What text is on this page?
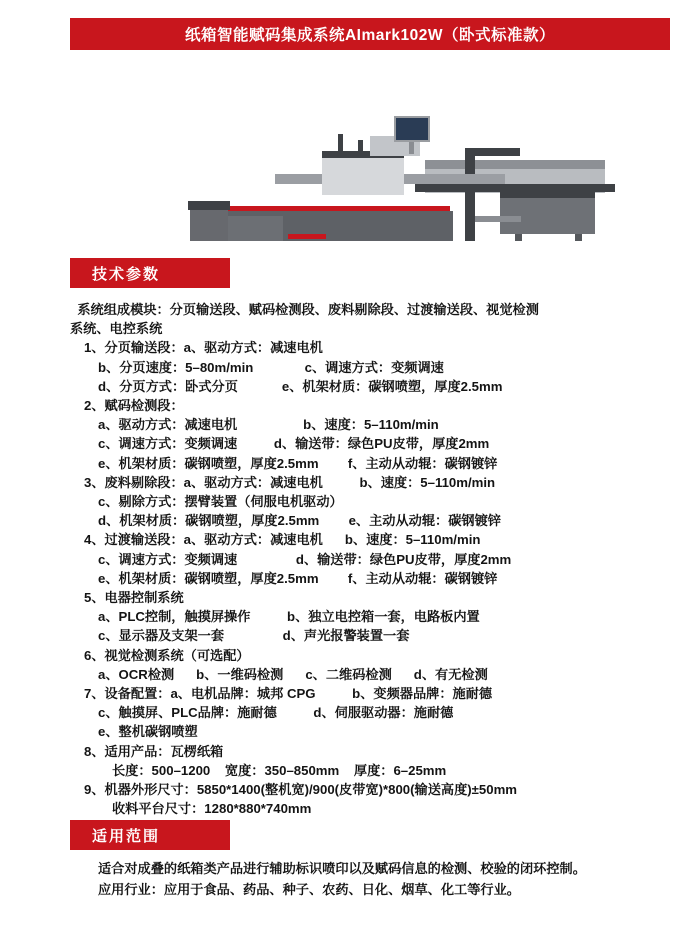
纸箱智能赋码集成系统AImark102W（卧式标准款）
技术参数
系统组成模块：分页输送段、赋码检测段、废料剔除段、过渡输送段、视觉检测
系统、电控系统
1、分页输送段：a、驱动方式：减速电机
b、分页速度：5–80m/min              c、调速方式：变频调速
d、分页方式：卧式分页            e、机架材质：碳钢喷塑，厚度2.5mm
2、赋码检测段：
a、驱动方式：减速电机                  b、速度：5–110m/min
c、调速方式：变频调速          d、输送带：绿色PU皮带，厚度2mm
e、机架材质：碳钢喷塑，厚度2.5mm        f、主动从动辊：碳钢镀锌
3、废料剔除段：a、驱动方式：减速电机          b、速度：5–110m/min
c、剔除方式：摆臂装置（伺服电机驱动）
d、机架材质：碳钢喷塑，厚度2.5mm        e、主动从动辊：碳钢镀锌
4、过渡输送段：a、驱动方式：减速电机      b、速度：5–110m/min
c、调速方式：变频调速                d、输送带：绿色PU皮带，厚度2mm
e、机架材质：碳钢喷塑，厚度2.5mm        f、主动从动辊：碳钢镀锌
5、电器控制系统
a、PLC控制，触摸屏操作          b、独立电控箱一套，电路板内置
c、显示器及支架一套                d、声光报警装置一套
6、视觉检测系统（可选配）
a、OCR检测      b、一维码检测      c、二维码检测      d、有无检测
7、设备配置：a、电机品牌：城邦 CPG          b、变频器品牌：施耐德
c、触摸屏、PLC品牌：施耐德          d、伺服驱动器：施耐德
e、整机碳钢喷塑
8、适用产品：瓦楞纸箱
长度：500–1200    宽度：350–850mm    厚度：6–25mm
9、机器外形尺寸：5850*1400(整机宽)/900(皮带宽)*800(输送高度)±50mm
收料平台尺寸：1280*880*740mm
适用范围
适合对成叠的纸箱类产品进行辅助标识喷印以及赋码信息的检测、校验的闭环控制。
应用行业：应用于食品、药品、种子、农药、日化、烟草、化工等行业。
